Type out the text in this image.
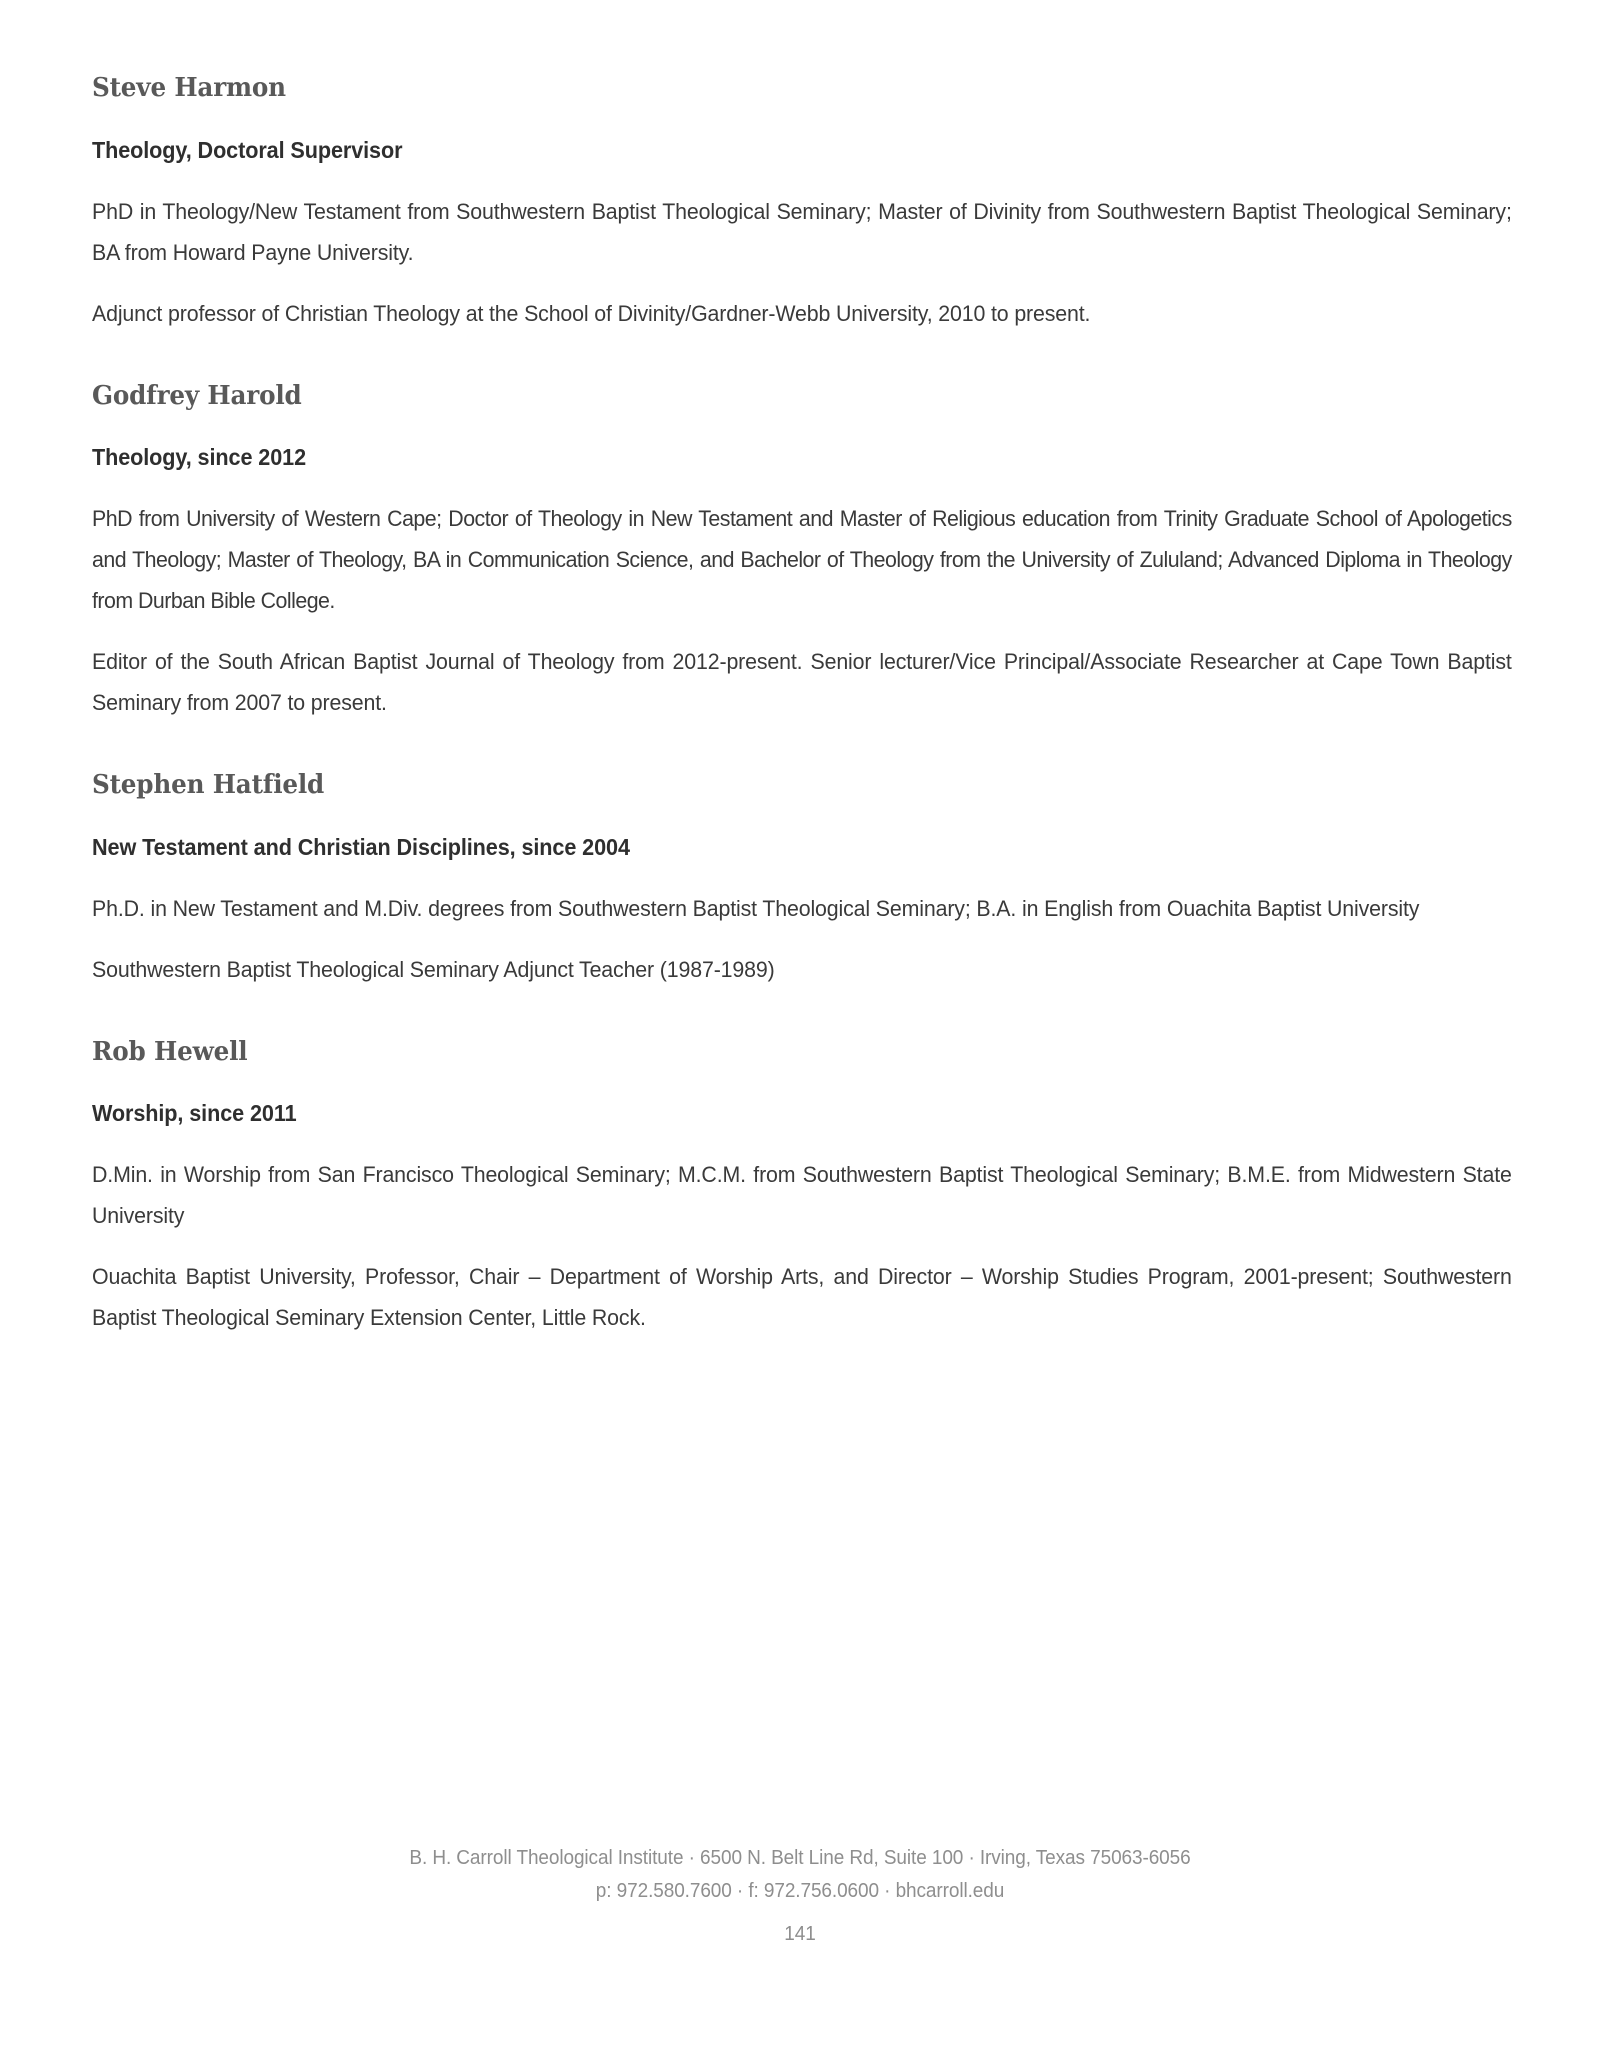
Steve Harmon
Theology, Doctoral Supervisor

PhD in Theology/New Testament from Southwestern Baptist Theological Seminary; Master of Divinity from Southwestern Baptist Theological Seminary; BA from Howard Payne University.

Adjunct professor of Christian Theology at the School of Divinity/Gardner-Webb University, 2010 to present.

Godfrey Harold
Theology, since 2012

PhD from University of Western Cape; Doctor of Theology in New Testament and Master of Religious education from Trinity Graduate School of Apologetics and Theology; Master of Theology, BA in Communication Science, and Bachelor of Theology from the University of Zululand; Advanced Diploma in Theology from Durban Bible College.

Editor of the South African Baptist Journal of Theology from 2012-present. Senior lecturer/Vice Principal/Associate Researcher at Cape Town Baptist Seminary from 2007 to present.

Stephen Hatfield
New Testament and Christian Disciplines, since 2004

Ph.D. in New Testament and M.Div. degrees from Southwestern Baptist Theological Seminary; B.A. in English from Ouachita Baptist University

Southwestern Baptist Theological Seminary Adjunct Teacher (1987-1989)

Rob Hewell
Worship, since 2011

D.Min. in Worship from San Francisco Theological Seminary; M.C.M. from Southwestern Baptist Theological Seminary; B.M.E. from Midwestern State University

Ouachita Baptist University, Professor, Chair – Department of Worship Arts, and Director – Worship Studies Program, 2001-present; Southwestern Baptist Theological Seminary Extension Center, Little Rock.

B. H. Carroll Theological Institute · 6500 N. Belt Line Rd, Suite 100 · Irving, Texas 75063-6056
p: 972.580.7600 · f: 972.756.0600 · bhcarroll.edu
141
